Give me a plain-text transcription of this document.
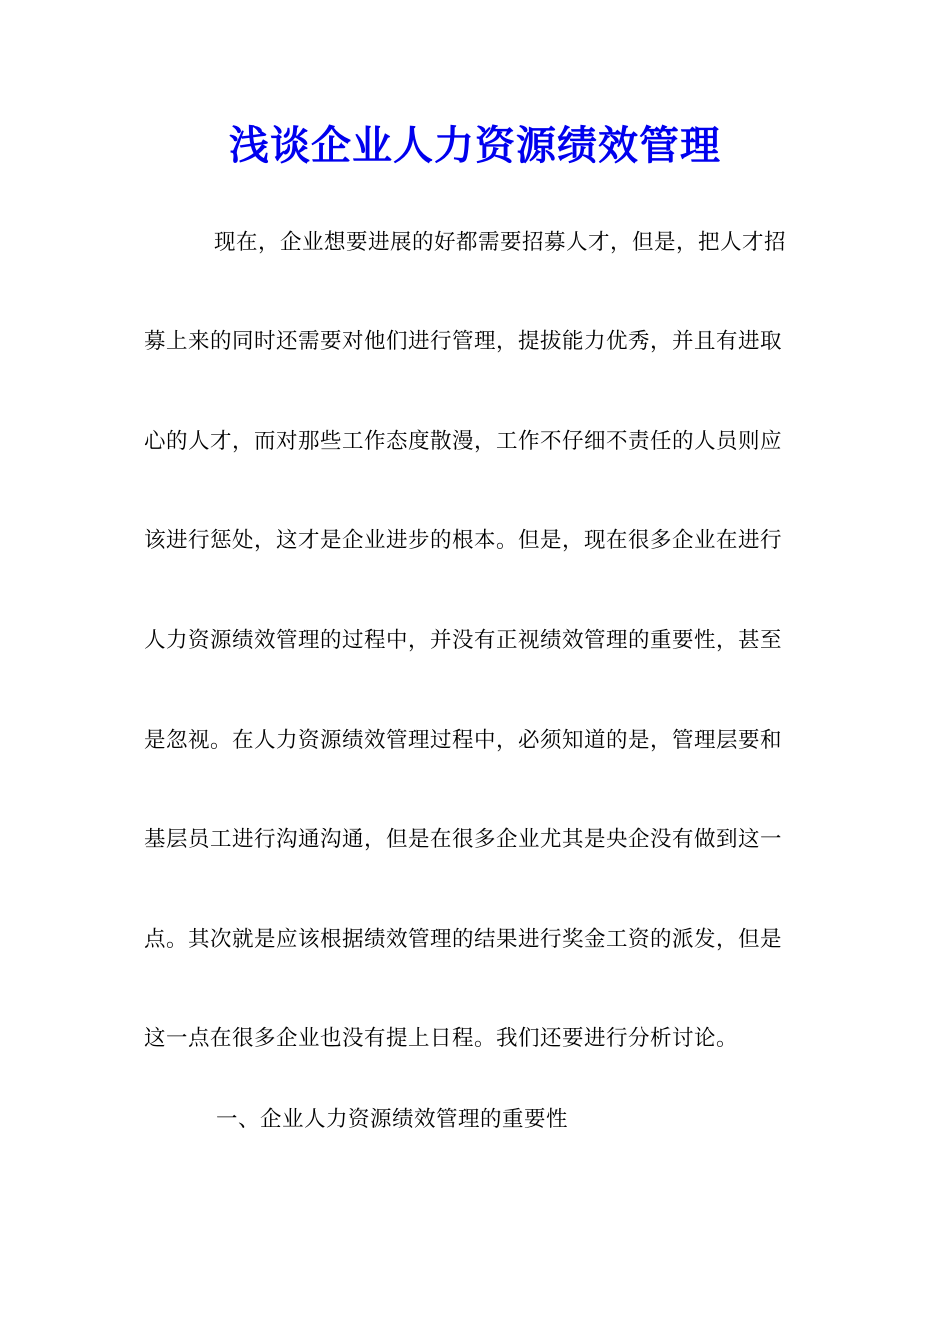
浅谈企业人力资源绩效管理

现在，企业想要进展的好都需要招募人才，但是，把人才招

募上来的同时还需要对他们进行管理，提拔能力优秀，并且有进取

心的人才，而对那些工作态度散漫，工作不仔细不责任的人员则应

该进行惩处，这才是企业进步的根本。但是，现在很多企业在进行

人力资源绩效管理的过程中，并没有正视绩效管理的重要性，甚至

是忽视。在人力资源绩效管理过程中，必须知道的是，管理层要和

基层员工进行沟通沟通，但是在很多企业尤其是央企没有做到这一

点。其次就是应该根据绩效管理的结果进行奖金工资的派发，但是

这一点在很多企业也没有提上日程。我们还要进行分析讨论。

一、企业人力资源绩效管理的重要性
